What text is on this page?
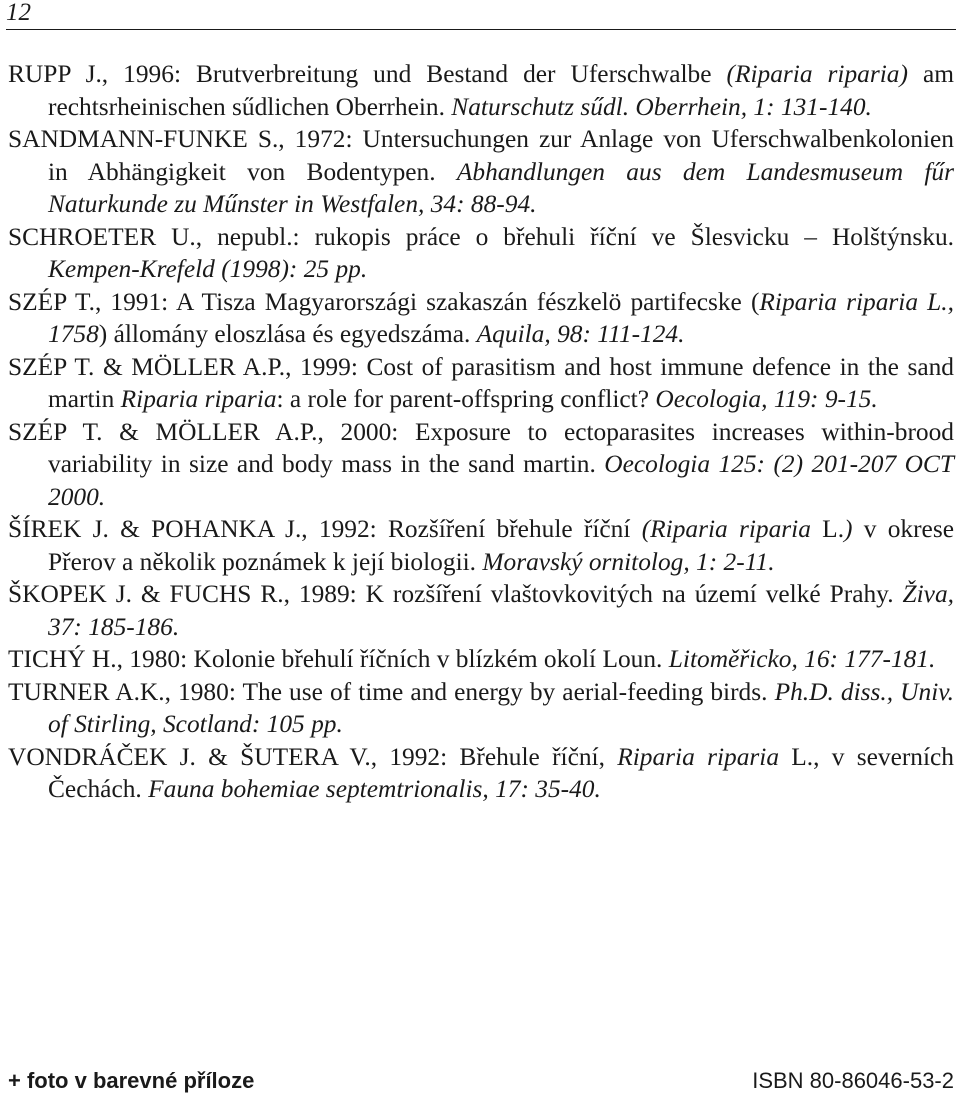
12

RUPP J., 1996: Brutverbreitung und Bestand der Uferschwalbe (Riparia riparia) am rechtsrheinischen sűdlichen Oberrhein. Naturschutz sűdl. Oberrhein, 1: 131-140.

SANDMANN-FUNKE S., 1972: Untersuchungen zur Anlage von Uferschwalbenkolonien in Abhängigkeit von Bodentypen. Abhandlungen aus dem Landesmuseum fűr Naturkunde zu Műnster in Westfalen, 34: 88-94.

SCHROETER U., nepubl.: rukopis práce o břehuli říční ve Šlesvicku – Holštýnsku. Kempen-Krefeld (1998): 25 pp.

SZÉP T., 1991: A Tisza Magyarországi szakaszán fészkelö partifecske (Riparia riparia L., 1758) állomány eloszlása és egyedszáma. Aquila, 98: 111-124.

SZÉP T. & MÖLLER A.P., 1999: Cost of parasitism and host immune defence in the sand martin Riparia riparia: a role for parent-offspring conflict? Oecologia, 119: 9-15.

SZÉP T. & MÖLLER A.P., 2000: Exposure to ectoparasites increases within-brood variability in size and body mass in the sand martin. Oecologia 125: (2) 201-207 OCT 2000.

ŠÍREK J. & POHANKA J., 1992: Rozšíření břehule říční (Riparia riparia L.) v okrese Přerov a několik poznámek k její biologii. Moravský ornitolog, 1: 2-11.

ŠKOPEK J. & FUCHS R., 1989: K rozšíření vlaštovkovitých na území velké Prahy. Živa, 37: 185-186.

TICHÝ H., 1980: Kolonie břehulí říčních v blízkém okolí Loun. Litoměřicko, 16: 177-181.

TURNER A.K., 1980: The use of time and energy by aerial-feeding birds. Ph.D. diss., Univ. of Stirling, Scotland: 105 pp.

VONDRÁČEK J. & ŠUTERA V., 1992: Břehule říční, Riparia riparia L., v severních Čechách. Fauna bohemiae septemtrionalis, 17: 35-40.

+ foto v barevné příloze	ISBN 80-86046-53-2
